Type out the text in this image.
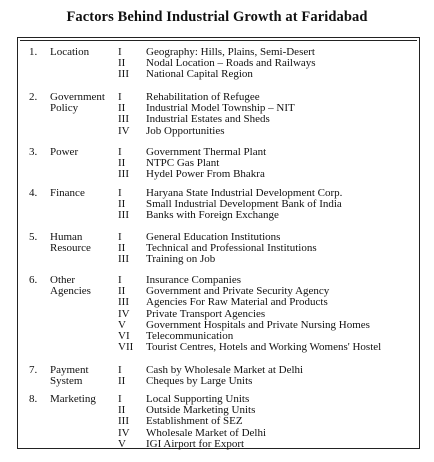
Factors Behind Industrial Growth at Faridabad
1. Location	I Geography: Hills, Plains, Semi-Desert
II Nodal Location – Roads and Railways
III National Capital Region
2. Government
Policy
I Rehabilitation of Refugee
II Industrial Model Township – NIT
III Industrial Estates and Sheds
IV Job Opportunities
3. Power	I Government Thermal Plant
II NTPC Gas Plant
III Hydel Power From Bhakra
4. Finance	I Haryana State Industrial Development Corp.
II Small Industrial Development Bank of India
III Banks with Foreign Exchange
5. Human
Resource
I General Education Institutions
II Technical and Professional Institutions
III Training on Job
6. Other
Agencies
I Insurance Companies
II Government and Private Security Agency
III Agencies For Raw Material and Products
IV Private Transport Agencies
V Government Hospitals and Private Nursing Homes
VI Telecommunication
VII Tourist Centres, Hotels and Working Womens' Hostel
7. Payment
System
I Cash by Wholesale Market at Delhi
II Cheques by Large Units
8. Marketing I Local Supporting Units
II Outside Marketing Units
III Establishment of SEZ
IV Wholesale Market of Delhi
V IGI Airport for Export
